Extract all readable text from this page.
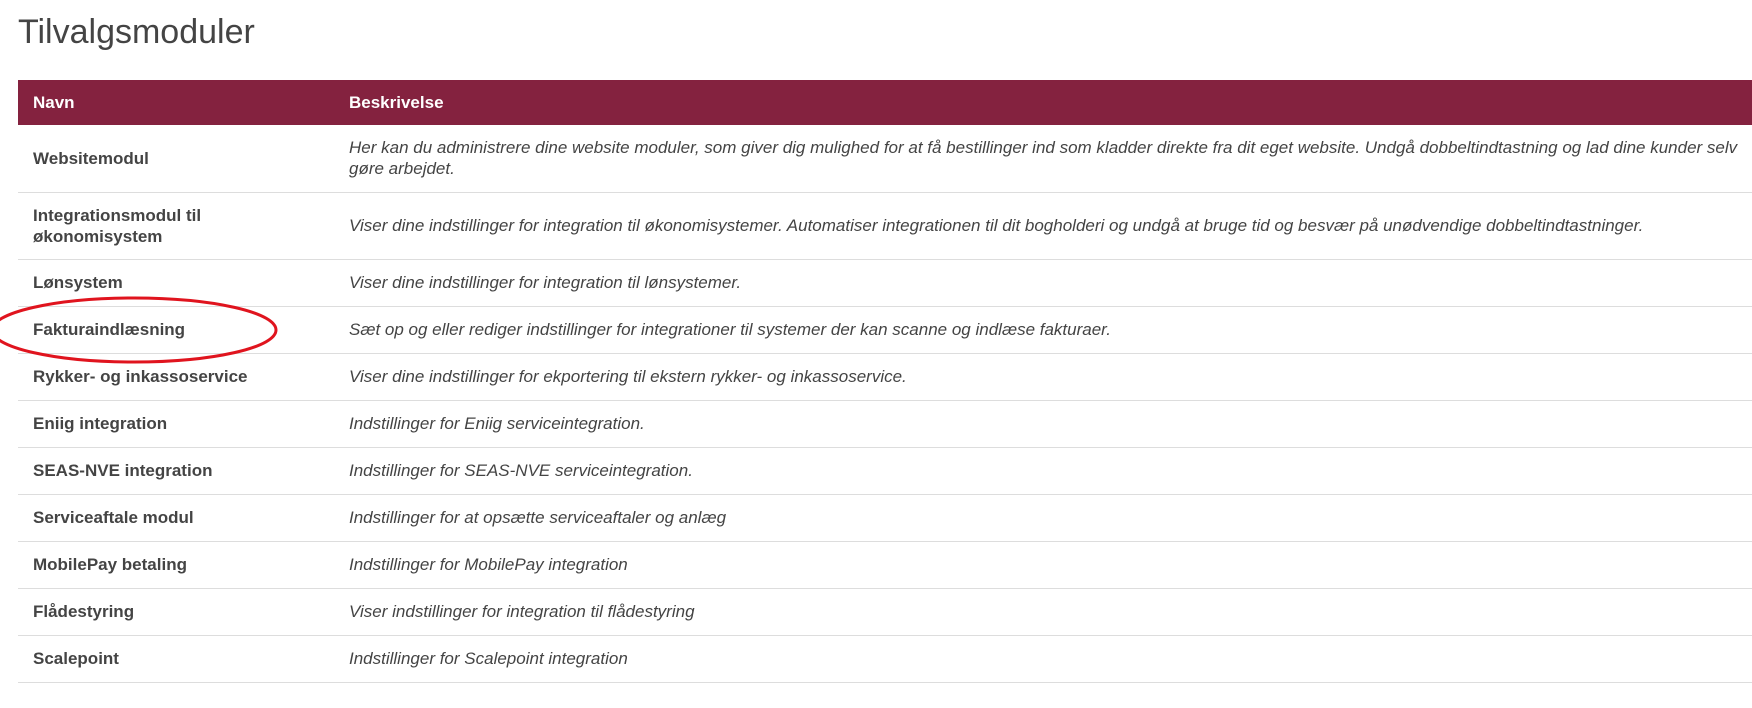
Tilvalgsmoduler
Navn	Beskrivelse
Websitemodul	Her kan du administrere dine website moduler, som giver dig mulighed for at få bestillinger ind som kladder direkte fra dit eget website. Undgå dobbeltindtastning og lad dine kunder selv gøre arbejdet.
Integrationsmodul til økonomisystem	Viser dine indstillinger for integration til økonomisystemer. Automatiser integrationen til dit bogholderi og undgå at bruge tid og besvær på unødvendige dobbeltindtastninger.
Lønsystem	Viser dine indstillinger for integration til lønsystemer.
Fakturaindlæsning	Sæt op og eller rediger indstillinger for integrationer til systemer der kan scanne og indlæse fakturaer.
Rykker- og inkassoservice	Viser dine indstillinger for ekportering til ekstern rykker- og inkassoservice.
Eniig integration	Indstillinger for Eniig serviceintegration.
SEAS-NVE integration	Indstillinger for SEAS-NVE serviceintegration.
Serviceaftale modul	Indstillinger for at opsætte serviceaftaler og anlæg
MobilePay betaling	Indstillinger for MobilePay integration
Flådestyring	Viser indstillinger for integration til flådestyring
Scalepoint	Indstillinger for Scalepoint integration
